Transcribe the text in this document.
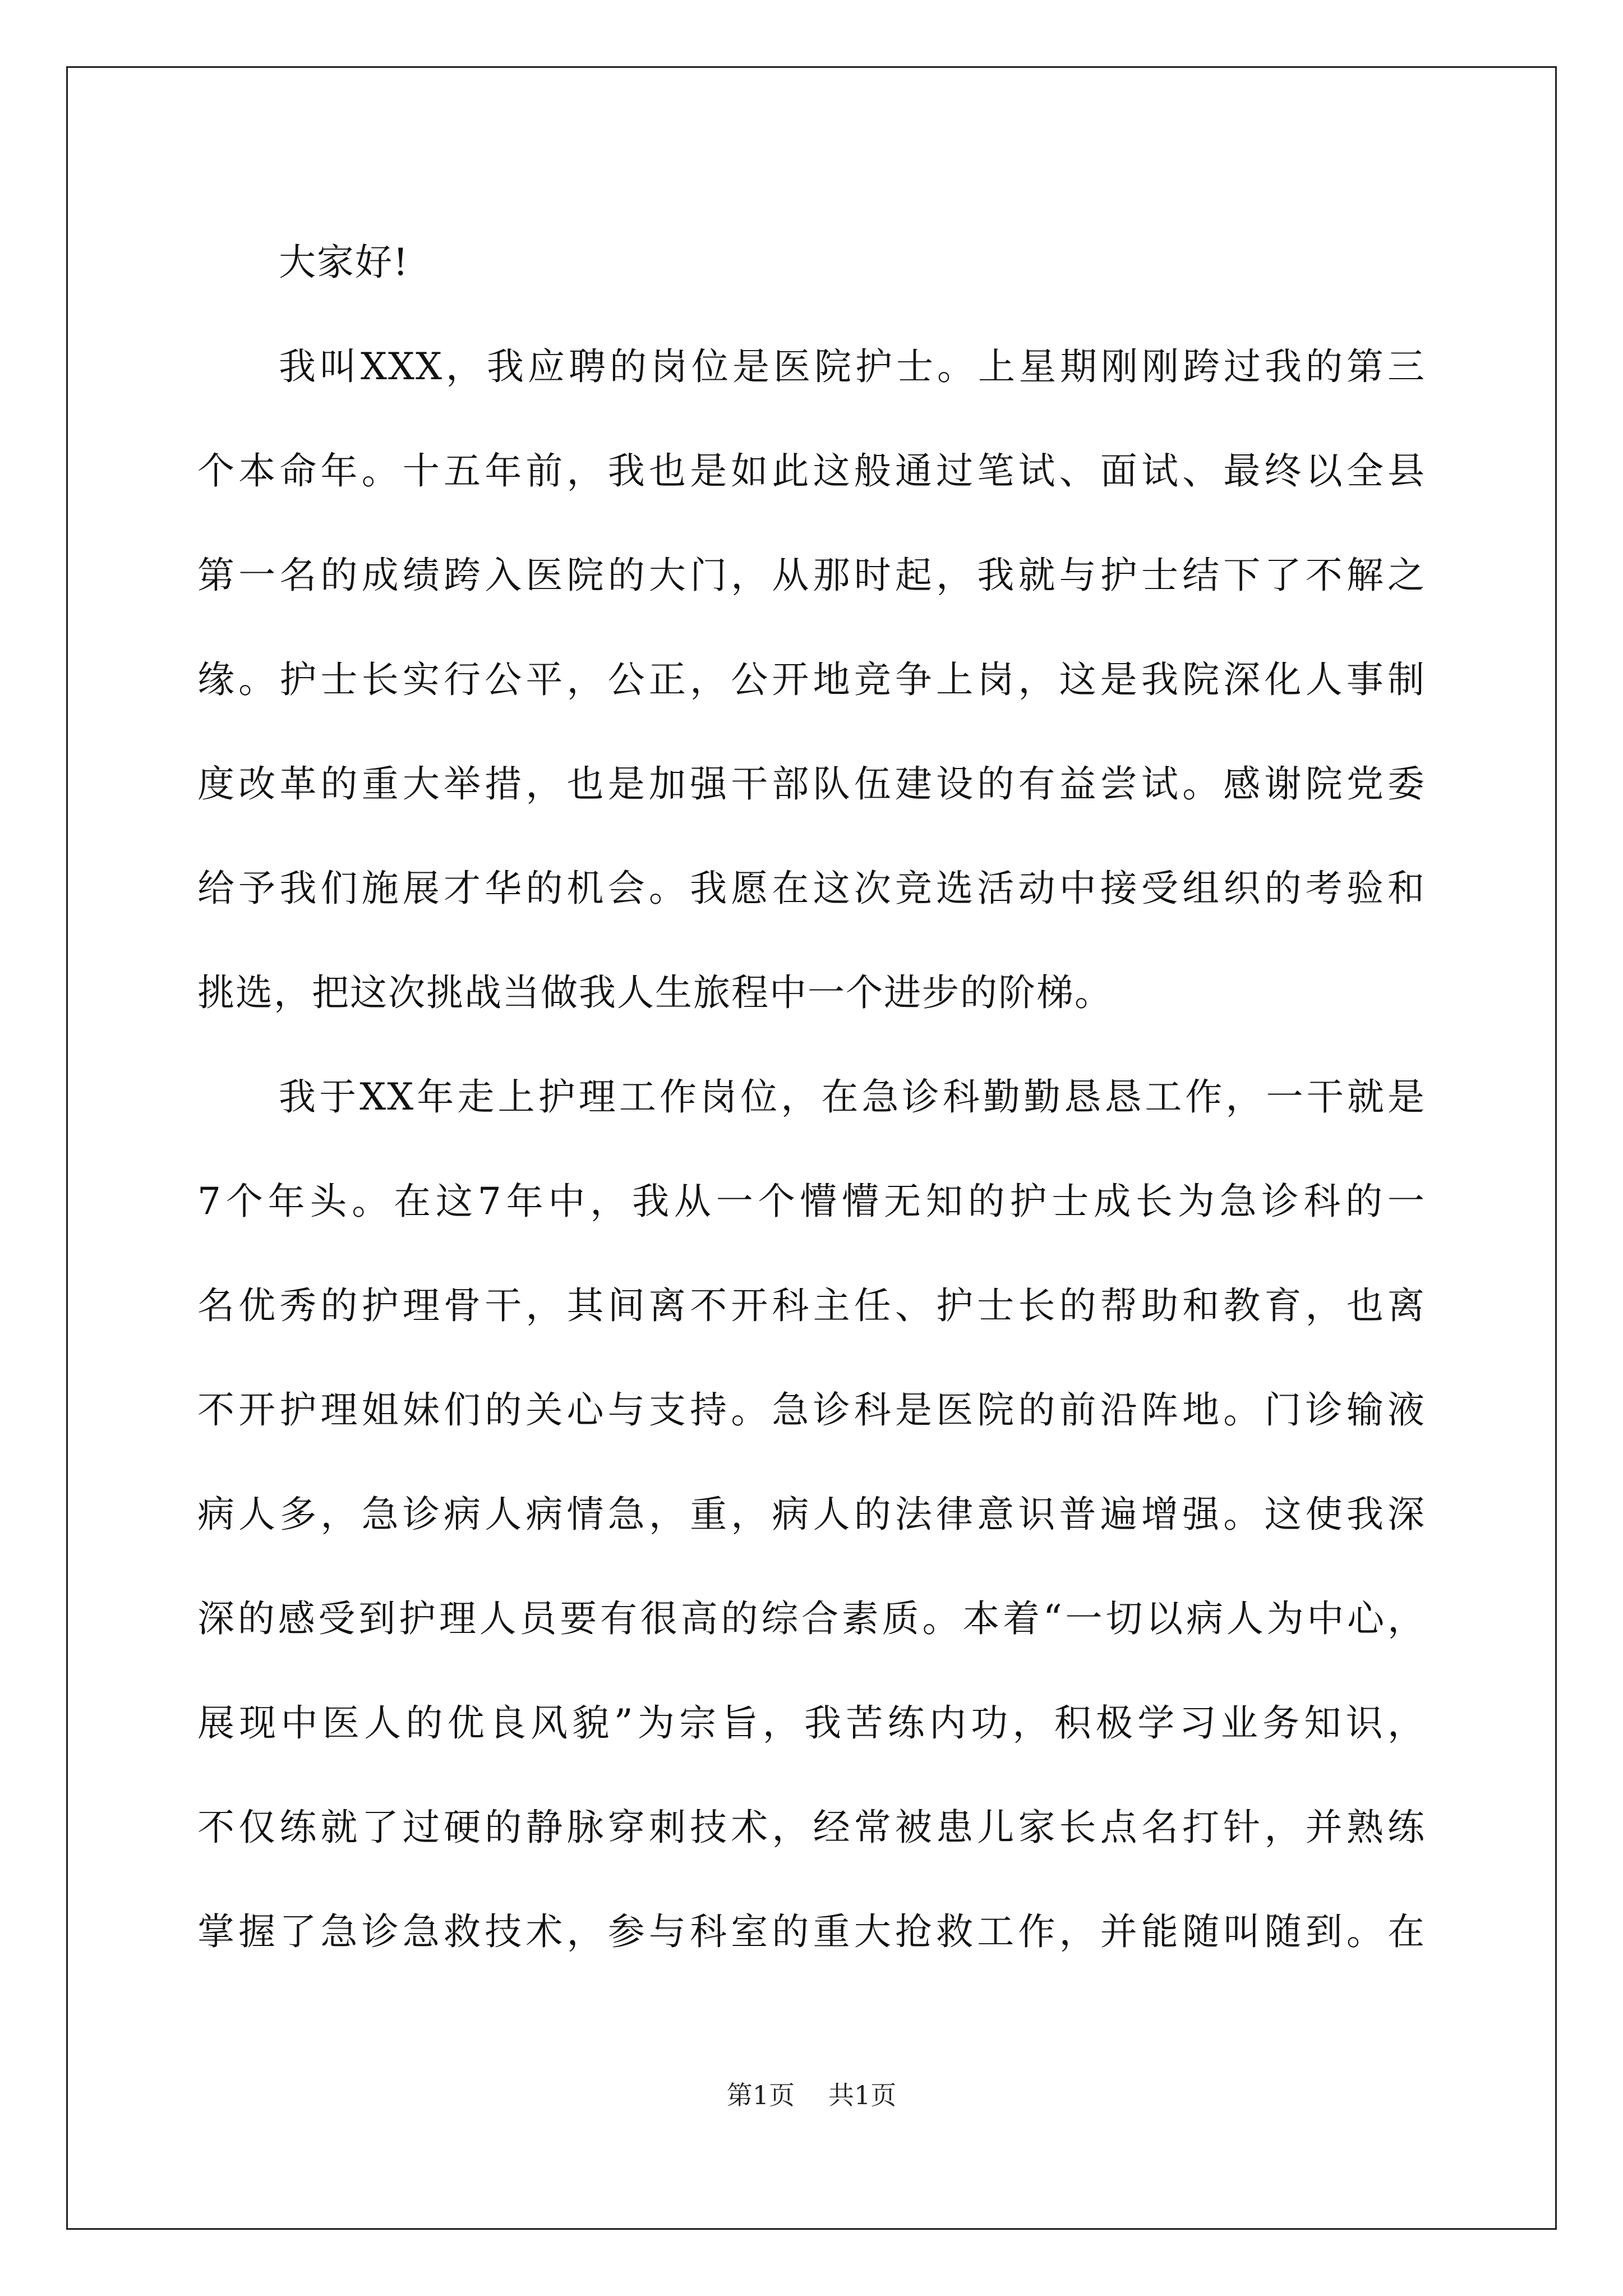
大家好!
我叫XXX，我应聘的岗位是医院护士。上星期刚刚跨过我的第三
个本命年。十五年前，我也是如此这般通过笔试、面试、最终以全县
第一名的成绩跨入医院的大门，从那时起，我就与护士结下了不解之
缘。护士长实行公平，公正，公开地竞争上岗，这是我院深化人事制
度改革的重大举措，也是加强干部队伍建设的有益尝试。感谢院党委
给予我们施展才华的机会。我愿在这次竞选活动中接受组织的考验和
挑选，把这次挑战当做我人生旅程中一个进步的阶梯。
我于XX年走上护理工作岗位，在急诊科勤勤恳恳工作，一干就是
7个年头。在这7年中，我从一个懵懵无知的护士成长为急诊科的一
名优秀的护理骨干，其间离不开科主任、护士长的帮助和教育，也离
不开护理姐妹们的关心与支持。急诊科是医院的前沿阵地。门诊输液
病人多，急诊病人病情急，重，病人的法律意识普遍增强。这使我深
深的感受到护理人员要有很高的综合素质。本着“一切以病人为中心，
展现中医人的优良风貌”为宗旨，我苦练内功，积极学习业务知识，
不仅练就了过硬的静脉穿刺技术，经常被患儿家长点名打针，并熟练
掌握了急诊急救技术，参与科室的重大抢救工作，并能随叫随到。在
第1页 共1页
